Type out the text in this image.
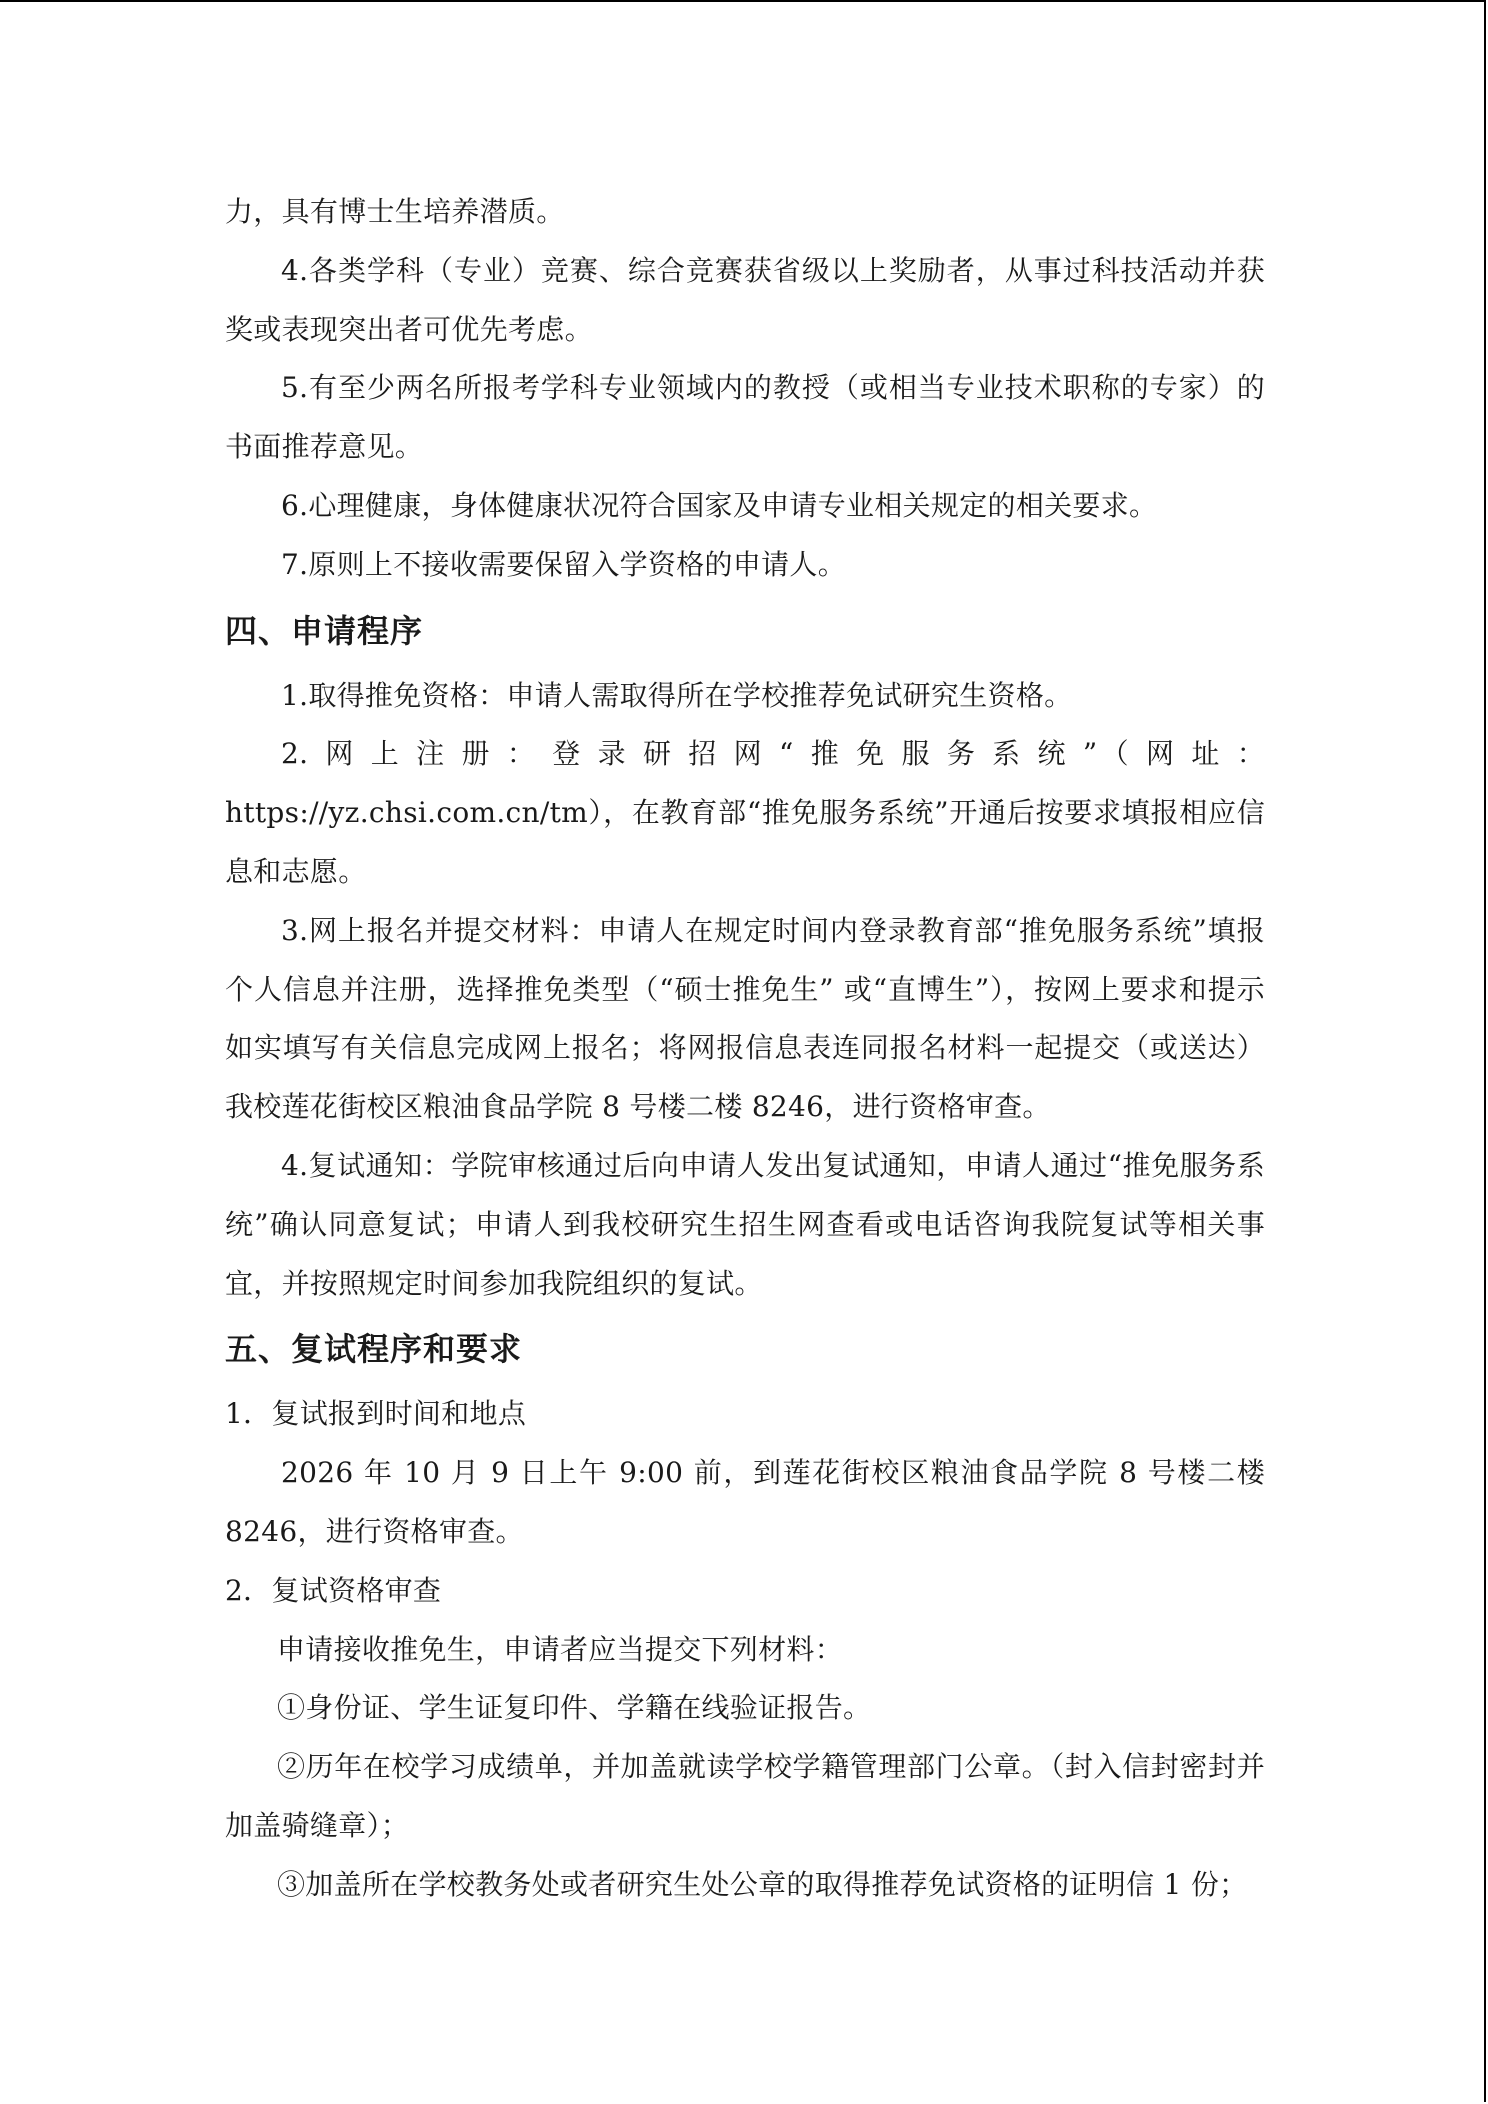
力，具有博士生培养潜质。

4.各类学科（专业）竞赛、综合竞赛获省级以上奖励者，从事过科技活动并获奖或表现突出者可优先考虑。

5.有至少两名所报考学科专业领域内的教授（或相当专业技术职称的专家）的书面推荐意见。

6.心理健康，身体健康状况符合国家及申请专业相关规定的相关要求。

7.原则上不接收需要保留入学资格的申请人。

四、申请程序

1.取得推免资格：申请人需取得所在学校推荐免试研究生资格。

2.网上注册：登录研招网“推免服务系统”（网址：https://yz.chsi.com.cn/tm），在教育部“推免服务系统”开通后按要求填报相应信息和志愿。

3.网上报名并提交材料：申请人在规定时间内登录教育部“推免服务系统”填报个人信息并注册，选择推免类型（“硕士推免生” 或“直博生”），按网上要求和提示如实填写有关信息完成网上报名；将网报信息表连同报名材料一起提交（或送达）我校莲花街校区粮油食品学院 8 号楼二楼 8246，进行资格审查。

4.复试通知：学院审核通过后向申请人发出复试通知，申请人通过“推免服务系统”确认同意复试；申请人到我校研究生招生网查看或电话咨询我院复试等相关事宜，并按照规定时间参加我院组织的复试。

五、复试程序和要求

1．复试报到时间和地点

2026 年 10 月 9 日上午 9:00 前，到莲花街校区粮油食品学院 8 号楼二楼 8246，进行资格审查。

2．复试资格审查

申请接收推免生，申请者应当提交下列材料：

①身份证、学生证复印件、学籍在线验证报告。

②历年在校学习成绩单，并加盖就读学校学籍管理部门公章。（封入信封密封并加盖骑缝章）；

③加盖所在学校教务处或者研究生处公章的取得推荐免试资格的证明信 1 份；
